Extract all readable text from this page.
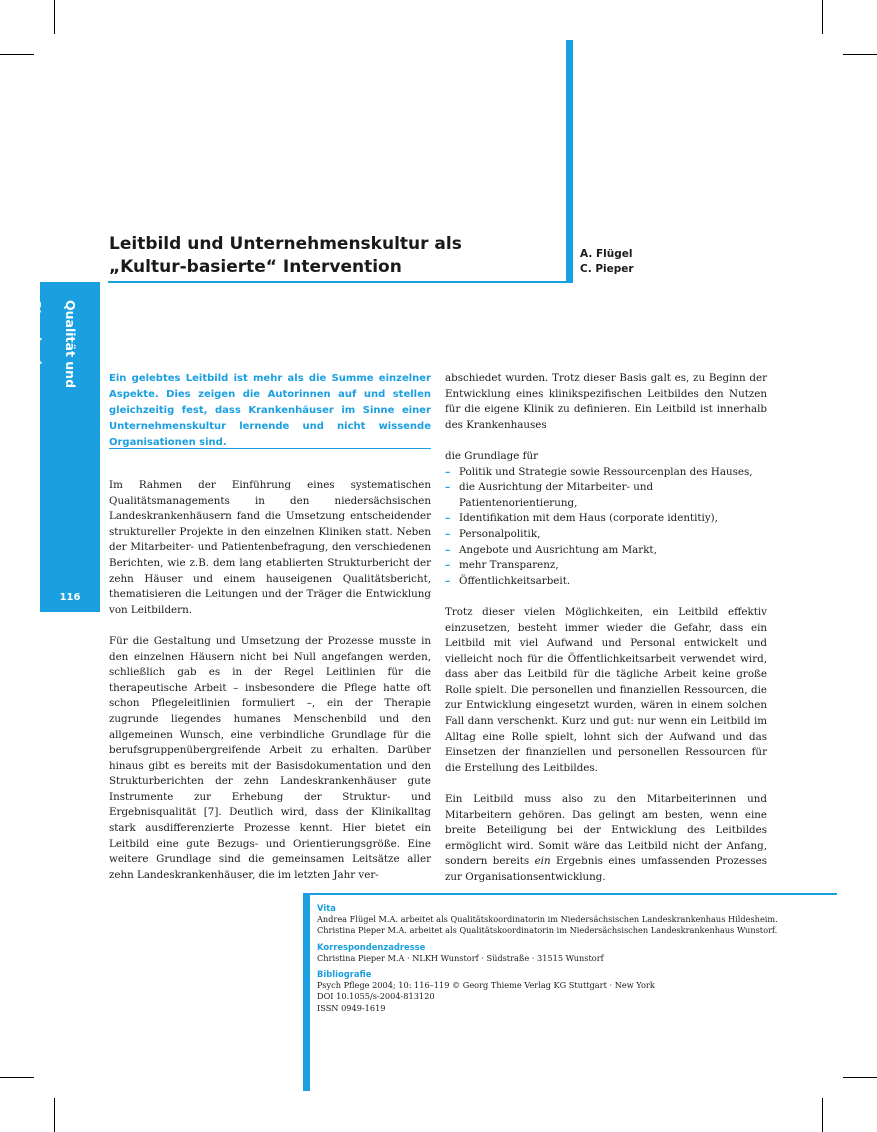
Leitbild und Unternehmenskultur als
„Kultur-basierte“ Intervention
A. Flügel
C. Pieper
Qualität und Standards
116

Ein gelebtes Leitbild ist mehr als die Summe einzelner Aspekte. Dies zeigen die Autorinnen auf und stellen gleichzeitig fest, dass Krankenhäuser im Sinne einer Unternehmenskultur lernende und nicht wissende Organisationen sind.

Im Rahmen der Einführung eines systematischen Qualitätsmanagements in den niedersächsischen Landeskrankenhäusern fand die Umsetzung entscheidender struktureller Projekte in den einzelnen Kliniken statt. Neben der Mitarbeiter- und Patientenbefragung, den verschiedenen Berichten, wie z.B. dem lang etablierten Strukturbericht der zehn Häuser und einem hauseigenen Qualitätsbericht, thematisieren die Leitungen und der Träger die Entwicklung von Leitbildern.

Für die Gestaltung und Umsetzung der Prozesse musste in den einzelnen Häusern nicht bei Null angefangen werden, schließlich gab es in der Regel Leitlinien für die therapeutische Arbeit – insbesondere die Pflege hatte oft schon Pflegeleitlinien formuliert –, ein der Therapie zugrunde liegendes humanes Menschenbild und den allgemeinen Wunsch, eine verbindliche Grundlage für die berufsgruppenübergreifende Arbeit zu erhalten. Darüber hinaus gibt es bereits mit der Basisdokumentation und den Strukturberichten der zehn Landeskrankenhäuser gute Instrumente zur Erhebung der Struktur- und Ergebnisqualität [7]. Deutlich wird, dass der Klinikalltag stark ausdifferenzierte Prozesse kennt. Hier bietet ein Leitbild eine gute Bezugs- und Orientierungsgröße. Eine weitere Grundlage sind die gemeinsamen Leitsätze aller zehn Landeskrankenhäuser, die im letzten Jahr ver-

abschiedet wurden. Trotz dieser Basis galt es, zu Beginn der Entwicklung eines klinikspezifischen Leitbildes den Nutzen für die eigene Klinik zu definieren. Ein Leitbild ist innerhalb des Krankenhauses

die Grundlage für

– Politik und Strategie sowie Ressourcenplan des Hauses,
– die Ausrichtung der Mitarbeiter- und Patientenorientierung,
– Identifikation mit dem Haus (corporate identitiy),
– Personalpolitik,
– Angebote und Ausrichtung am Markt,
– mehr Transparenz,
– Öffentlichkeitsarbeit.

Trotz dieser vielen Möglichkeiten, ein Leitbild effektiv einzusetzen, besteht immer wieder die Gefahr, dass ein Leitbild mit viel Aufwand und Personal entwickelt und vielleicht noch für die Öffentlichkeitsarbeit verwendet wird, dass aber das Leitbild für die tägliche Arbeit keine große Rolle spielt. Die personellen und finanziellen Ressourcen, die zur Entwicklung eingesetzt wurden, wären in einem solchen Fall dann verschenkt. Kurz und gut: nur wenn ein Leitbild im Alltag eine Rolle spielt, lohnt sich der Aufwand und das Einsetzen der finanziellen und personellen Ressourcen für die Erstellung des Leitbildes.

Ein Leitbild muss also zu den Mitarbeiterinnen und Mitarbeitern gehören. Das gelingt am besten, wenn eine breite Beteiligung bei der Entwicklung des Leitbildes ermöglicht wird. Somit wäre das Leitbild nicht der Anfang, sondern bereits ein Ergebnis eines umfassenden Prozesses zur Organisationsentwicklung.

Vita
Andrea Flügel M.A. arbeitet als Qualitätskoordinatorin im Niedersächsischen Landeskrankenhaus Hildesheim.
Christina Pieper M.A. arbeitet als Qualitätskoordinatorin im Niedersächsischen Landeskrankenhaus Wunstorf.
Korrespondenzadresse
Christina Pieper M.A · NLKH Wunstorf · Südstraße · 31515 Wunstorf
Bibliografie
Psych Pflege 2004; 10: 116–119 © Georg Thieme Verlag KG Stuttgart · New York
DOI 10.1055/s-2004-813120
ISSN 0949-1619
